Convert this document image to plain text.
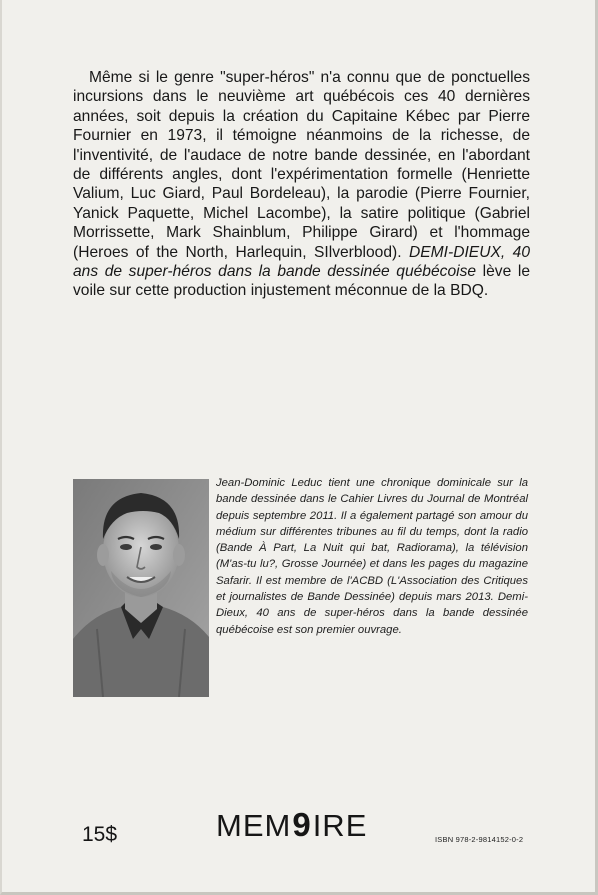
Même si le genre "super-héros" n'a connu que de ponctuelles incursions dans le neuvième art québécois ces 40 dernières années, soit depuis la création du Capitaine Kébec par Pierre Fournier en 1973, il témoigne néanmoins de la richesse, de l'inventivité, de l'audace de notre bande dessinée, en l'abordant de différents angles, dont l'expérimentation formelle (Henriette Valium, Luc Giard, Paul Bordeleau), la parodie (Pierre Fournier, Yanick Paquette, Michel Lacombe), la satire politique (Gabriel Morrissette, Mark Shainblum, Philippe Girard) et l'hommage (Heroes of the North, Harlequin, SIlverblood). DEMI-DIEUX, 40 ans de super-héros dans la bande dessinée québécoise lève le voile sur cette production injustement méconnue de la BDQ.

Jean-Dominic Leduc tient une chronique dominicale sur la bande dessinée dans le Cahier Livres du Journal de Montréal depuis septembre 2011. Il a également partagé son amour du médium sur différentes tribunes au fil du temps, dont la radio (Bande À Part, La Nuit qui bat, Radiorama), la télévision (M'as-tu lu?, Grosse Journée) et dans les pages du magazine Safarir. Il est membre de l'ACBD (L'Association des Critiques et journalistes de Bande Dessinée) depuis mars 2013. Demi-Dieux, 40 ans de super-héros dans la bande dessinée québécoise est son premier ouvrage.

15$	MEM 9 IRE	ISBN 978-2-9814152-0-2
